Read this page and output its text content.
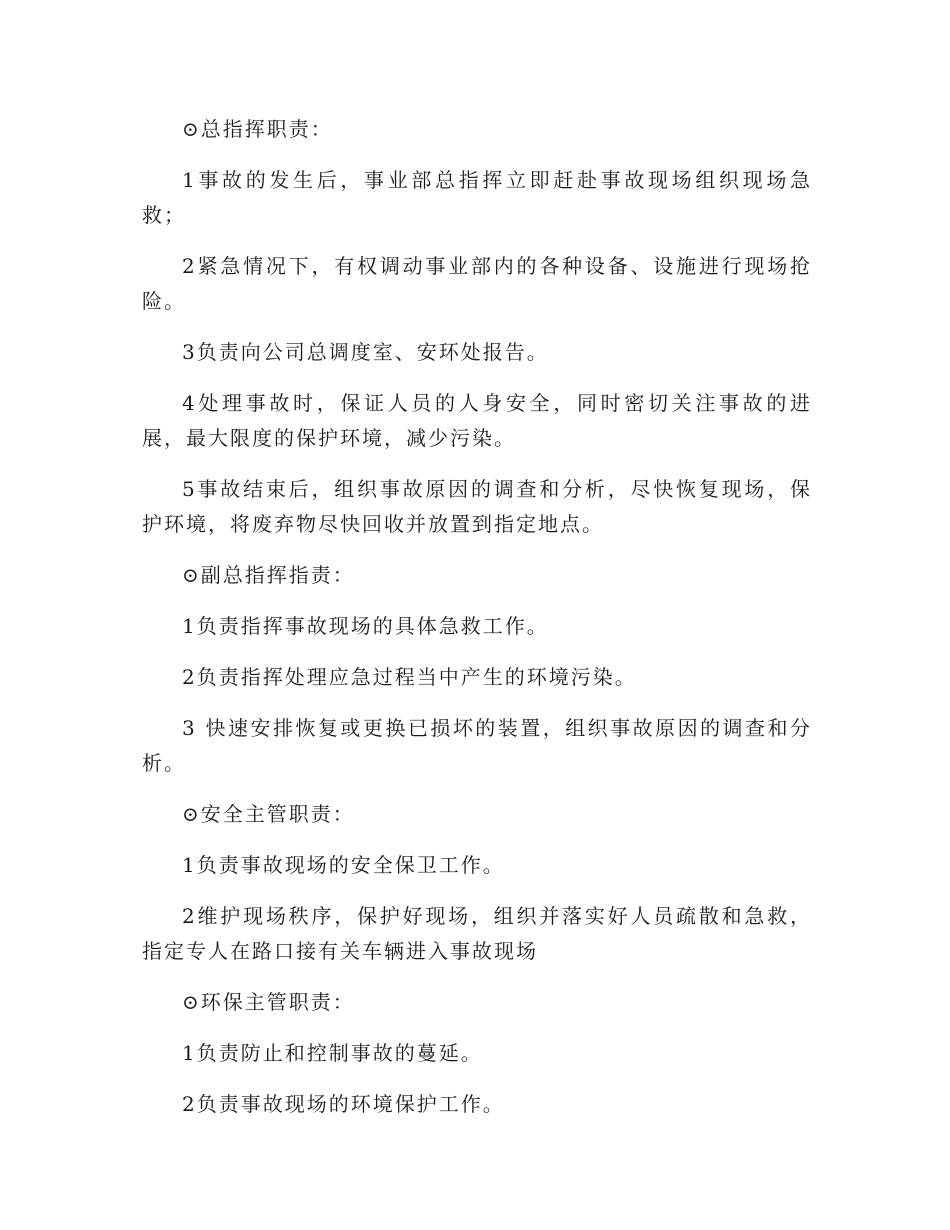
⊙总指挥职责：

1事故的发生后，事业部总指挥立即赶赴事故现场组织现场急救；

2紧急情况下，有权调动事业部内的各种设备、设施进行现场抢险。

3负责向公司总调度室、安环处报告。

4处理事故时，保证人员的人身安全，同时密切关注事故的进展，最大限度的保护环境，减少污染。

5事故结束后，组织事故原因的调查和分析，尽快恢复现场，保护环境，将废弃物尽快回收并放置到指定地点。

⊙副总指挥指责：

1负责指挥事故现场的具体急救工作。

2负责指挥处理应急过程当中产生的环境污染。

3 快速安排恢复或更换已损坏的装置，组织事故原因的调查和分析。

⊙安全主管职责：

1负责事故现场的安全保卫工作。

2维护现场秩序，保护好现场，组织并落实好人员疏散和急救，指定专人在路口接有关车辆进入事故现场

⊙环保主管职责：

1负责防止和控制事故的蔓延。

2负责事故现场的环境保护工作。
